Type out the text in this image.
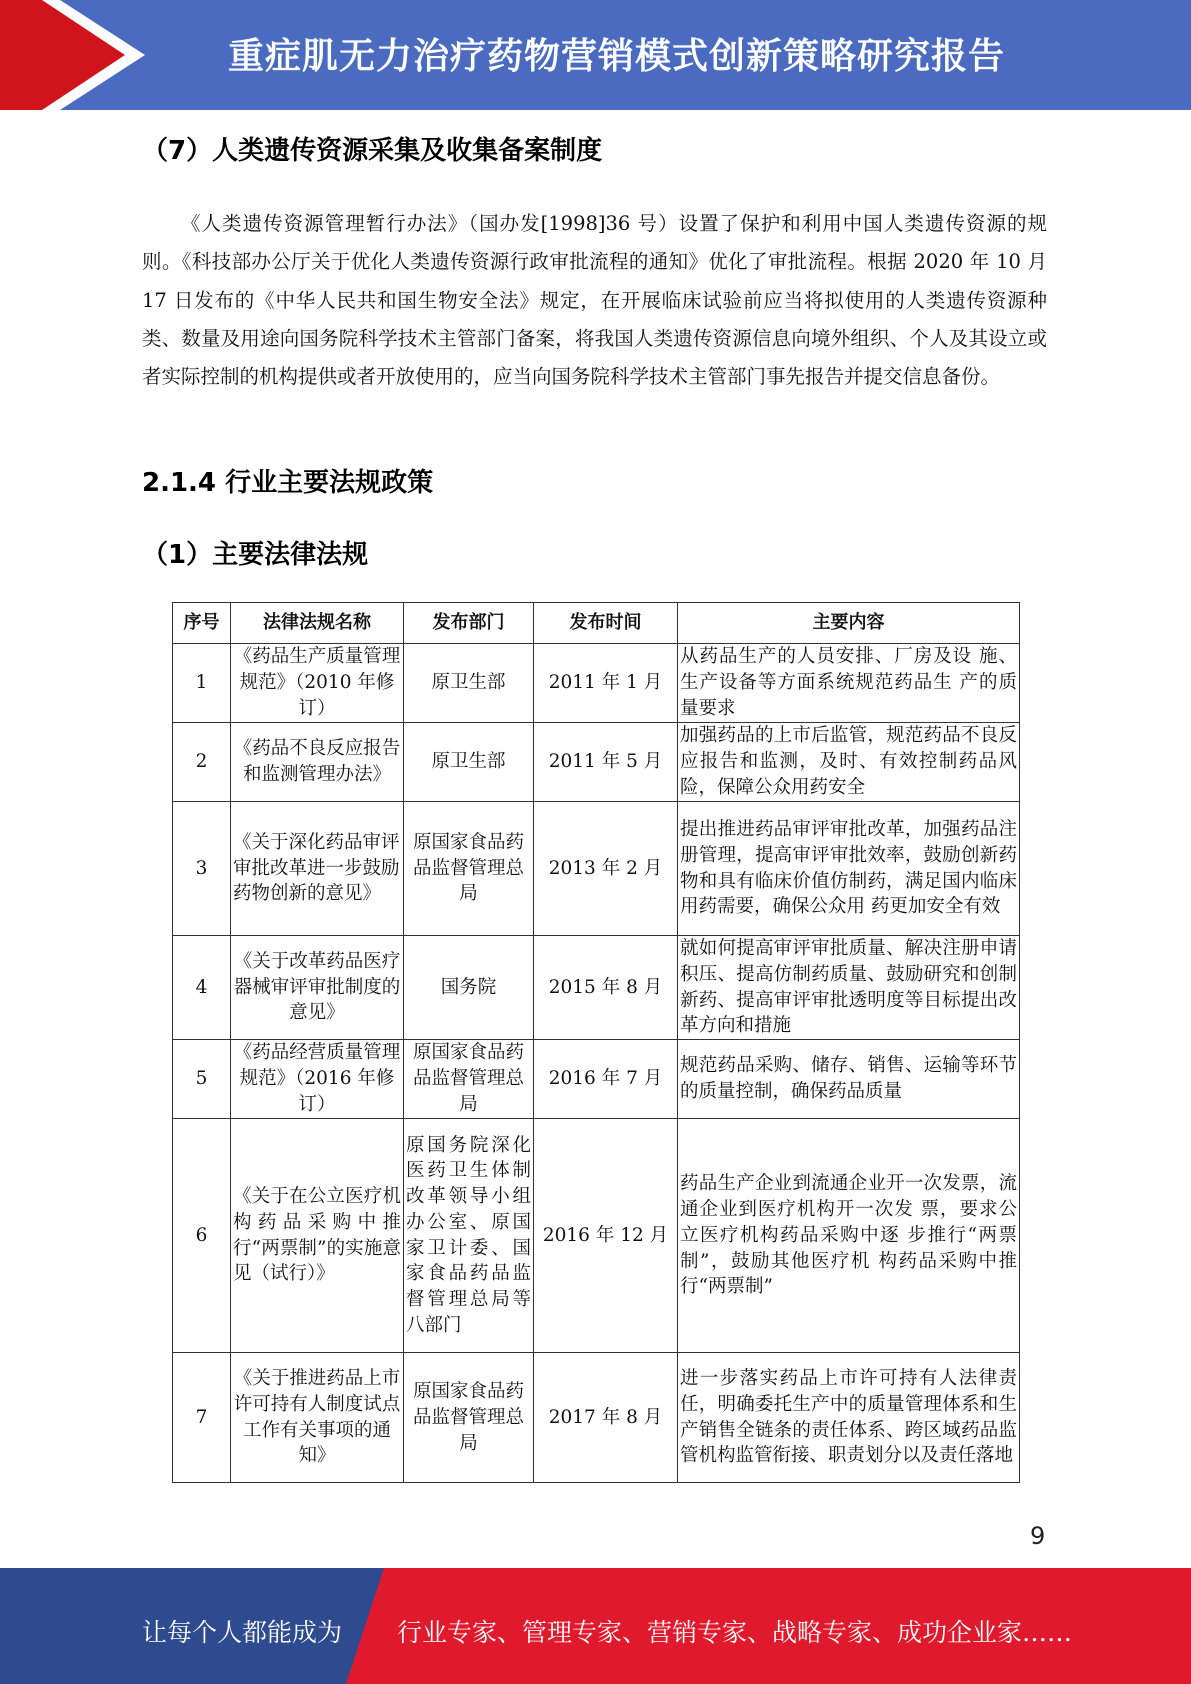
重症肌无力治疗药物营销模式创新策略研究报告
（7）人类遗传资源采集及收集备案制度

《人类遗传资源管理暂行办法》（国办发[1998]36 号）设置了保护和利用中国人类遗传资源的规则。《科技部办公厅关于优化人类遗传资源行政审批流程的通知》优化了审批流程。根据 2020 年 10 月 17 日发布的《中华人民共和国生物安全法》规定，在开展临床试验前应当将拟使用的人类遗传资源种类、数量及用途向国务院科学技术主管部门备案，将我国人类遗传资源信息向境外组织、个人及其设立或者实际控制的机构提供或者开放使用的，应当向国务院科学技术主管部门事先报告并提交信息备份。

2.1.4 行业主要法规政策
（1）主要法律法规
序号	法律法规名称	发布部门	发布时间	主要内容
1	《药品生产质量管理规范》（2010 年修订）	原卫生部	2011 年 1 月	从药品生产的人员安排、厂房及设 施、生产设备等方面系统规范药品生 产的质量要求
2	《药品不良反应报告和监测管理办法》	原卫生部	2011 年 5 月	加强药品的上市后监管，规范药品不良反应报告和监测，及时、有效控制药品风险，保障公众用药安全
3	《关于深化药品审评审批改革进一步鼓励药物创新的意见》	原国家食品药品监督管理总局	2013 年 2 月	提出推进药品审评审批改革，加强药品注册管理，提高审评审批效率，鼓励创新药物和具有临床价值仿制药，满足国内临床用药需要，确保公众用 药更加安全有效
4	《关于改革药品医疗器械审评审批制度的意见》	国务院	2015 年 8 月	就如何提高审评审批质量、解决注册申请积压、提高仿制药质量、鼓励研究和创制新药、提高审评审批透明度等目标提出改革方向和措施
5	《药品经营质量管理规范》（2016 年修订）	原国家食品药品监督管理总局	2016 年 7 月	规范药品采购、储存、销售、运输等环节的质量控制，确保药品质量
6	《关于在公立医疗机构药品采购中推行“两票制”的实施意见（试行）》	原国务院深化医药卫生体制改革领导小组办公室、原国家卫计委、国家食品药品监督管理总局等八部门	2016 年 12 月	药品生产企业到流通企业开一次发票，流通企业到医疗机构开一次发 票，要求公立医疗机构药品采购中逐 步推行“两票制”，鼓励其他医疗机 构药品采购中推行“两票制”
7	《关于推进药品上市许可持有人制度试点工作有关事项的通知》	原国家食品药品监督管理总局	2017 年 8 月	进一步落实药品上市许可持有人法律责任，明确委托生产中的质量管理体系和生产销售全链条的责任体系、跨区域药品监管机构监管衔接、职责划分以及责任落地
9
让每个人都能成为 行业专家、管理专家、营销专家、战略专家、成功企业家……
